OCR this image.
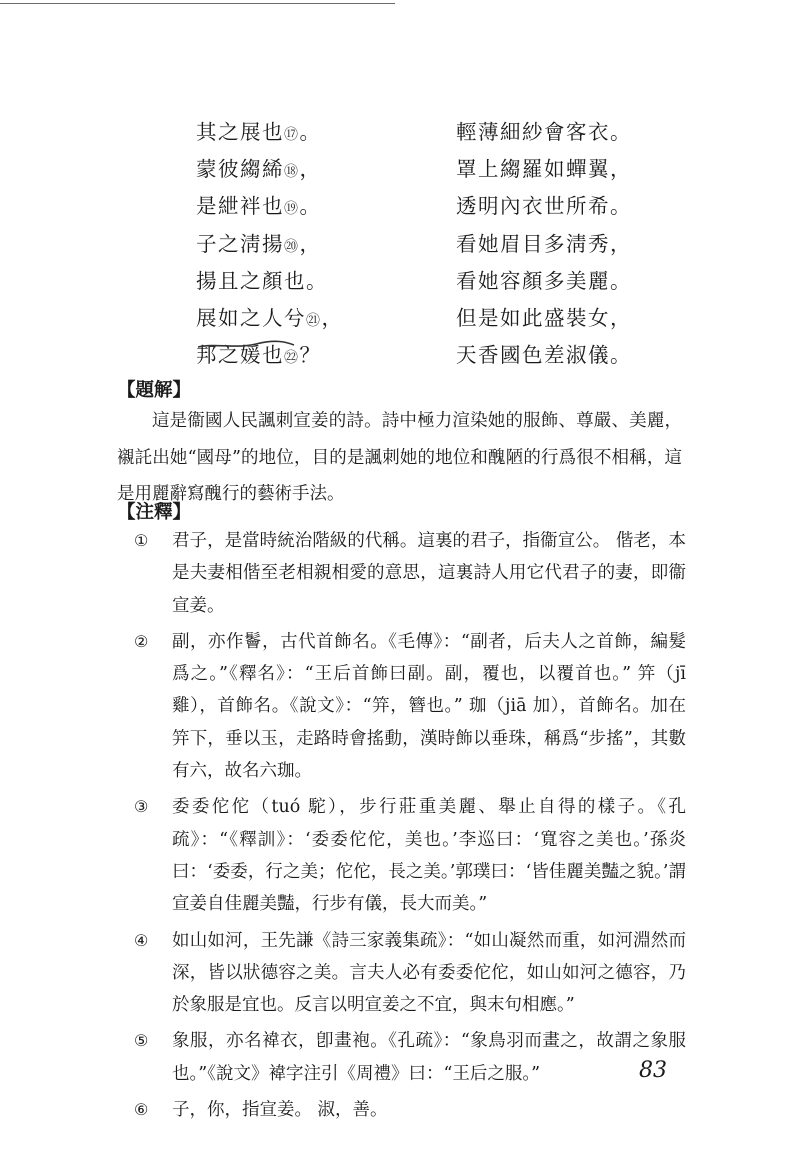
其之展也⑰。	輕薄細紗會客衣。
蒙彼縐絺⑱，	罩上縐羅如蟬翼，
是紲袢也⑲。	透明內衣世所希。
子之淸揚⑳，	看她眉目多淸秀，
揚且之顏也。	看她容顏多美麗。
展如之人兮㉑，	但是如此盛裝女，
邦之媛也㉒？	天香國色差淑儀。
【題解】

這是衞國人民諷刺宣姜的詩。詩中極力渲染她的服飾、尊嚴、美麗，襯託出她“國母”的地位，目的是諷刺她的地位和醜陋的行爲很不相稱，這是用麗辭寫醜行的藝術手法。

【注釋】
①	君子，是當時統治階級的代稱。這裏的君子，指衞宣公。 偕老，本是夫妻相偕至老相親相愛的意思，這裏詩人用它代君子的妻，即衞宣姜。
②	副，亦作鬠，古代首飾名。《毛傳》：“副者，后夫人之首飾，編髮爲之。”《釋名》：“王后首飾曰副。副，覆也，以覆首也。” 笄（jī 雞），首飾名。《說文》：“笄，簪也。” 珈（jiā 加），首飾名。加在笄下，垂以玉，走路時會搖動，漢時飾以垂珠，稱爲“步搖”，其數有六，故名六珈。
③	委委佗佗（tuó 駝），步行莊重美麗、舉止自得的樣子。《孔疏》：“《釋訓》：‘委委佗佗，美也。’李巡曰：‘寬容之美也。’孫炎曰：‘委委，行之美；佗佗，長之美。’郭璞曰：‘皆佳麗美豔之貌。’謂宣姜自佳麗美豔，行步有儀，長大而美。”
④	如山如河，王先謙《詩三家義集疏》：“如山凝然而重，如河淵然而深，皆以狀德容之美。言夫人必有委委佗佗，如山如河之德容，乃於象服是宜也。反言以明宣姜之不宜，與末句相應。”
⑤	象服，亦名褘衣，卽畫袍。《孔疏》：“象鳥羽而畫之，故謂之象服也。”《說文》褘字注引《周禮》曰：“王后之服。”
⑥	子，你，指宣姜。 淑，善。
83
